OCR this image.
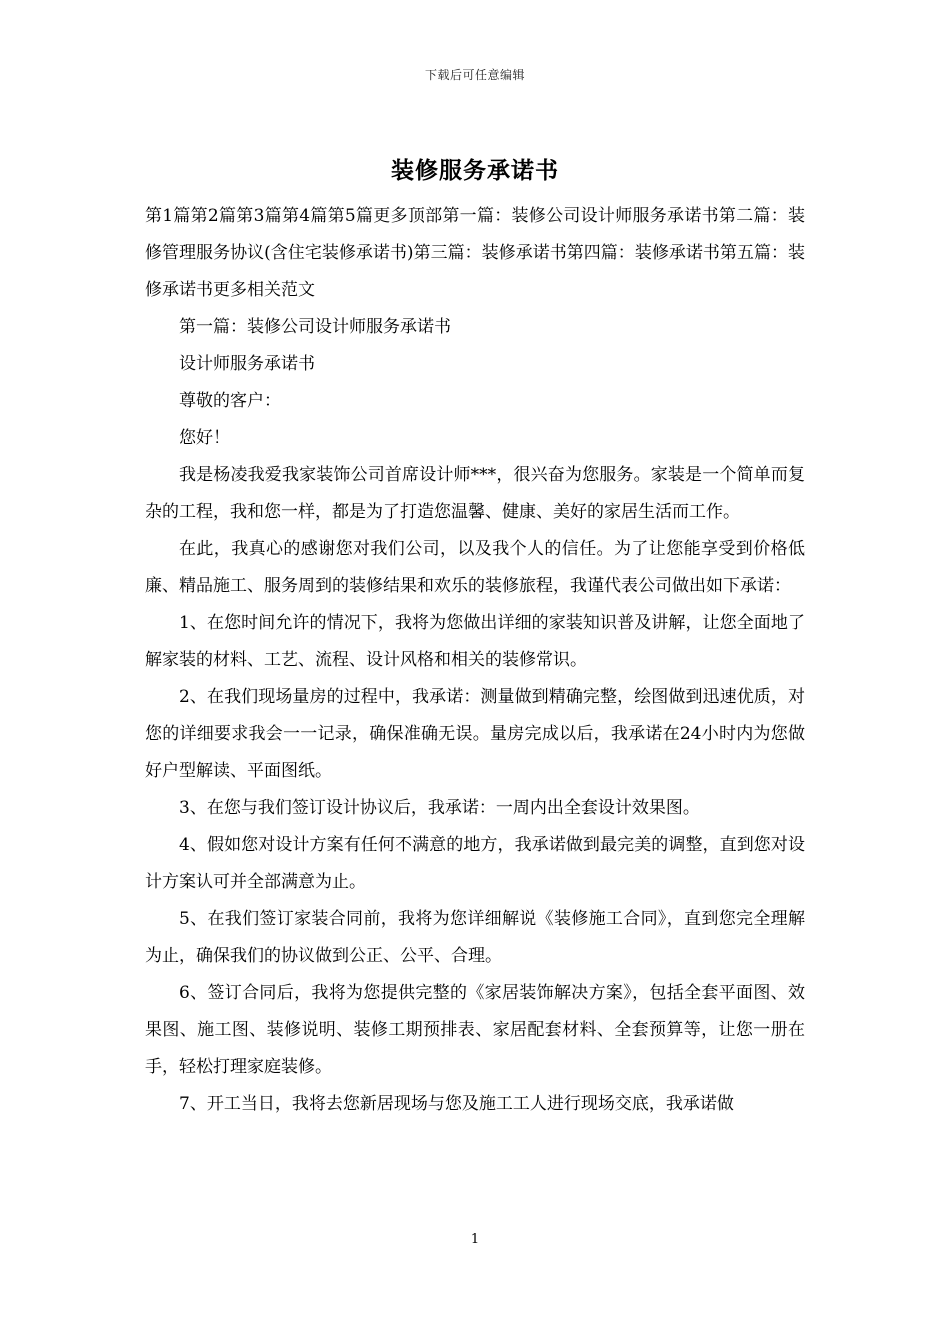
下载后可任意编辑
装修服务承诺书

第1篇第2篇第3篇第4篇第5篇更多顶部第一篇：装修公司设计师服务承诺书第二篇：装修管理服务协议(含住宅装修承诺书)第三篇：装修承诺书第四篇：装修承诺书第五篇：装修承诺书更多相关范文

第一篇：装修公司设计师服务承诺书

设计师服务承诺书

尊敬的客户：

您好！

我是杨凌我爱我家装饰公司首席设计师***，很兴奋为您服务。家装是一个简单而复杂的工程，我和您一样，都是为了打造您温馨、健康、美好的家居生活而工作。

在此，我真心的感谢您对我们公司，以及我个人的信任。为了让您能享受到价格低廉、精品施工、服务周到的装修结果和欢乐的装修旅程，我谨代表公司做出如下承诺：

1、在您时间允许的情况下，我将为您做出详细的家装知识普及讲解，让您全面地了解家装的材料、工艺、流程、设计风格和相关的装修常识。

2、在我们现场量房的过程中，我承诺：测量做到精确完整，绘图做到迅速优质，对您的详细要求我会一一记录，确保准确无误。量房完成以后，我承诺在24小时内为您做好户型解读、平面图纸。

3、在您与我们签订设计协议后，我承诺：一周内出全套设计效果图。

4、假如您对设计方案有任何不满意的地方，我承诺做到最完美的调整，直到您对设计方案认可并全部满意为止。

5、在我们签订家装合同前，我将为您详细解说《装修施工合同》，直到您完全理解为止，确保我们的协议做到公正、公平、合理。

6、签订合同后，我将为您提供完整的《家居装饰解决方案》，包括全套平面图、效果图、施工图、装修说明、装修工期预排表、家居配套材料、全套预算等，让您一册在手，轻松打理家庭装修。

7、开工当日，我将去您新居现场与您及施工工人进行现场交底，我承诺做

1
